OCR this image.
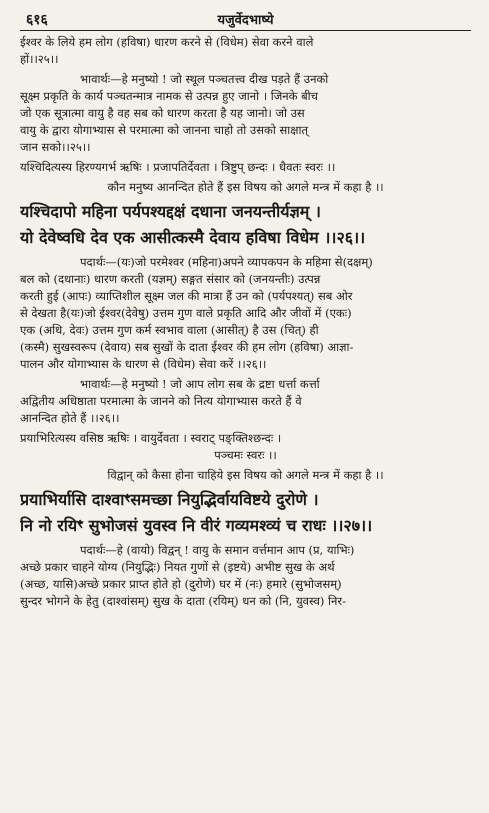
६१६	यजुर्वेदभाष्ये

ईश्वर के लिये हम लोग (हविषा) धारण करने से (विधेम) सेवा करने वाले

हों।।२५।।

भावार्थः—हे मनुष्यो ! जो स्थूल पञ्चतत्त्व दीख पड़ते हैं उनको

सूक्ष्म प्रकृति के कार्य पञ्चतन्मात्र नामक से उत्पन्न हुए जानो । जिनके बीच

जो एक सूत्रात्मा वायु है वह सब को धारण करता है यह जानो। जो उस

वायु के द्वारा योगाभ्यास से परमात्मा को जानना चाहो तो उसको साक्षात्

जान सको।।२५।।

यश्चिदित्यस्य हिरण्यगर्भ ऋषिः । प्रजापतिर्देवता । त्रिष्टुप् छन्दः । धैवतः स्वरः ।।

कौन मनुष्य आनन्दित होते हैं इस विषय को अगले मन्त्र में कहा है ।।

यश्चिदापो महिना पर्यपश्यद्दक्षं दधाना जनयन्तीर्यज्ञम् ।

यो देवेष्वधि देव एक आसीत्कस्मै देवाय हविषा विधेम ।।२६।।

पदार्थः—(यः)जो परमेश्वर (महिना)अपने व्यापकपन के महिमा से(दक्षम्)

बल को (दधानाः) धारण करती (यज्ञम्) सङ्गत संसार को (जनयन्तीः) उत्पन्न

करती हुई (आपः) व्याप्तिशील सूक्ष्म जल की मात्रा हैं उन को (पर्यपश्यत्) सब ओर

से देखता है(यः)जो ईश्वर(देवेषु) उत्तम गुण वाले प्रकृति आदि और जीवों में (एकः)

एक (अधि, देवः) उत्तम गुण कर्म स्वभाव वाला (आसीत्) है उस (चित्) ही

(कस्मै) सुखस्वरूप (देवाय) सब सुखों के दाता ईश्वर की हम लोग (हविषा) आज्ञा-

पालन और योगाभ्यास के धारण से (विधेम) सेवा करें ।।२६।।

भावार्थः—हे मनुष्यो ! जो आप लोग सब के द्रष्टा धर्त्ता कर्त्ता

अद्वितीय अधिष्ठाता परमात्मा के जानने को नित्य योगाभ्यास करते हैं वे

आनन्दित होते हैं ।।२६।।

प्रयाभिरित्यस्य वसिष्ठ ऋषिः । वायुर्देवता । स्वराट् पङ्क्तिश्छन्दः ।

पञ्चमः स्वरः ।।

विद्वान् को कैसा होना चाहिये इस विषय को अगले मन्त्र में कहा है ।।

प्रयाभिर्यासि दाश्वाꣳसमच्छा नियुद्भिर्वायविष्टये दुरोणे ।

नि नो रयिꣳ सुभोजसं युवस्व नि वीरं गव्यमश्व्यं च राधः ।।२७।।

पदार्थः—हे (वायो) विद्वन् ! वायु के समान वर्त्तमान आप (प्र, याभिः)

अच्छे प्रकार चाहने योग्य (नियुद्भिः) नियत गुणों से (इष्टये) अभीष्ट सुख के अर्थ

(अच्छ, यासि)अच्छे प्रकार प्राप्त होते हो (दुरोणे) घर में (नः) हमारे (सुभोजसम्)

सुन्दर भोगने के हेतु (दाश्वांसम्) सुख के दाता (रयिम्) धन को (नि, युवस्व) निर-
